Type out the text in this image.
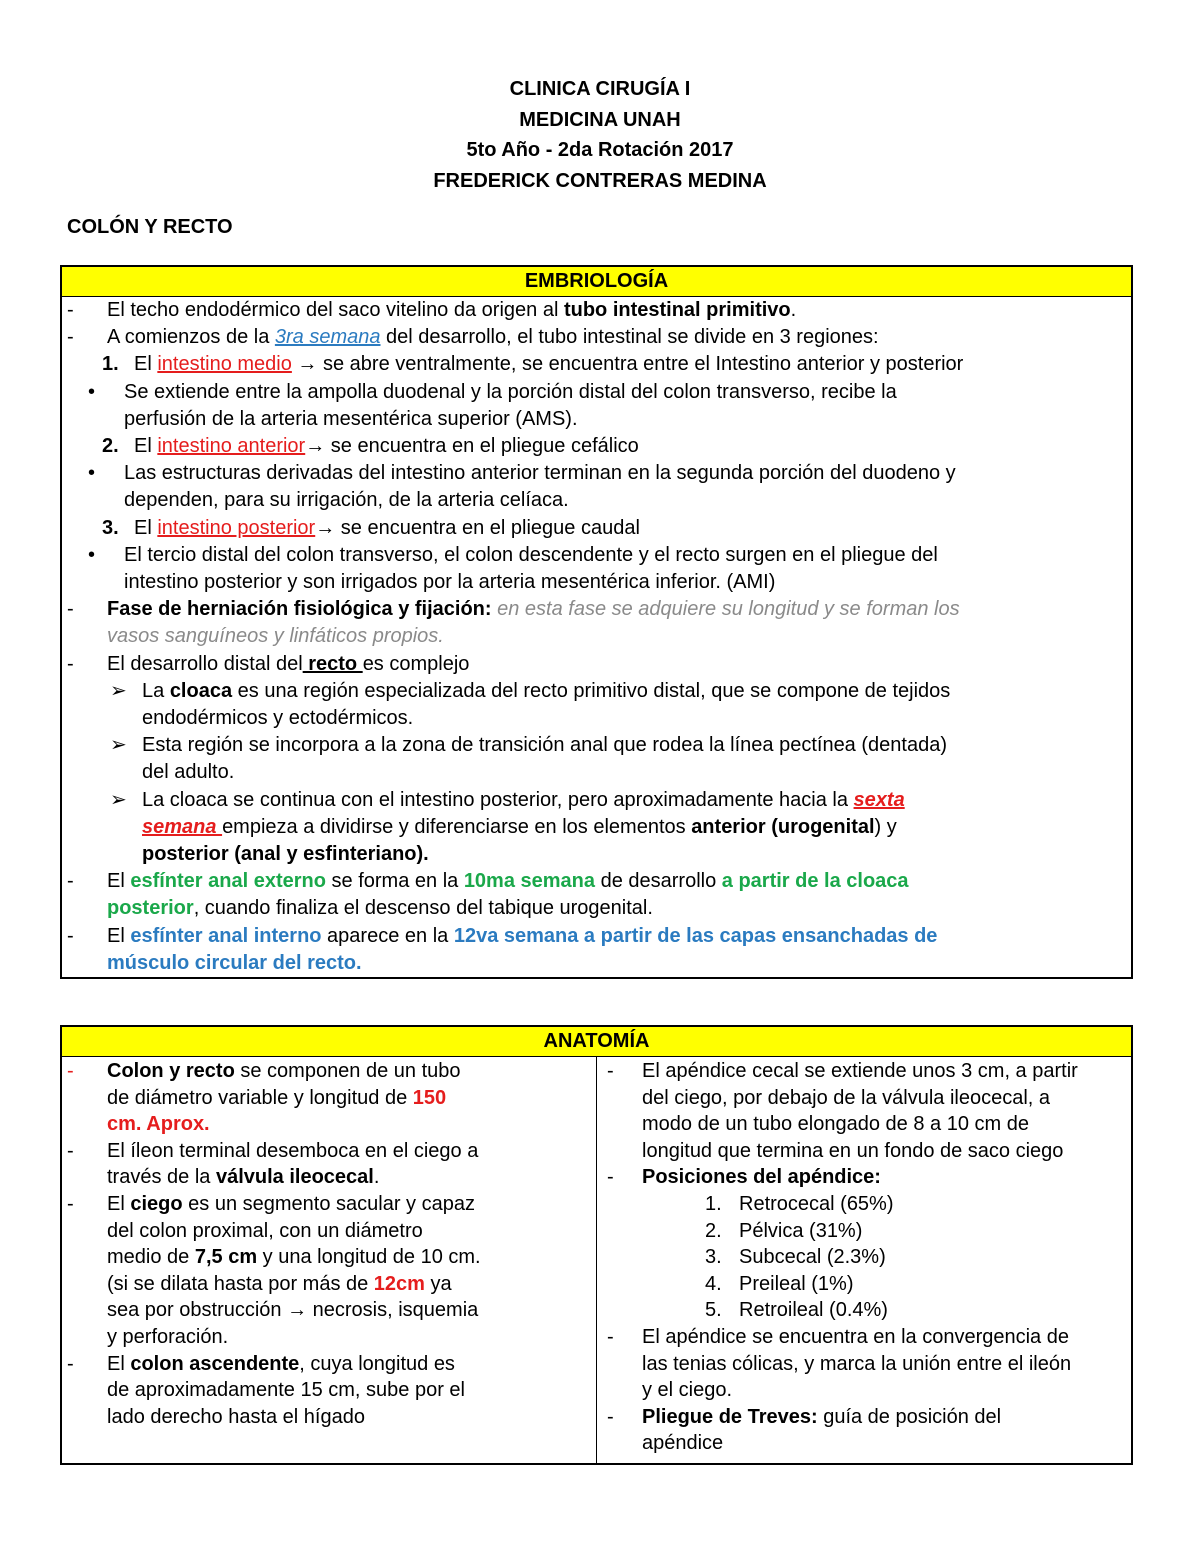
CLINICA CIRUGÍA I
MEDICINA UNAH
5to Año - 2da Rotación 2017
FREDERICK CONTRERAS MEDINA
COLÓN Y RECTO
EMBRIOLOGÍA

- El techo endodérmico del saco vitelino da origen al tubo intestinal primitivo.
- A comienzos de la 3ra semana del desarrollo, el tubo intestinal se divide en 3 regiones:
1. El intestino medio → se abre ventralmente, se encuentra entre el Intestino anterior y posterior
• Se extiende entre la ampolla duodenal y la porción distal del colon transverso, recibe la
perfusión de la arteria mesentérica superior (AMS).
2. El intestino anterior→ se encuentra en el pliegue cefálico
• Las estructuras derivadas del intestino anterior terminan en la segunda porción del duodeno y
dependen, para su irrigación, de la arteria celíaca.
3. El intestino posterior→ se encuentra en el pliegue caudal
• El tercio distal del colon transverso, el colon descendente y el recto surgen en el pliegue del
intestino posterior y son irrigados por la arteria mesentérica inferior. (AMI)
- Fase de herniación fisiológica y fijación: en esta fase se adquiere su longitud y se forman los
vasos sanguíneos y linfáticos propios.
- El desarrollo distal del recto es complejo
➢ La cloaca es una región especializada del recto primitivo distal, que se compone de tejidos
endodérmicos y ectodérmicos.
➢ Esta región se incorpora a la zona de transición anal que rodea la línea pectínea (dentada)
del adulto.
➢ La cloaca se continua con el intestino posterior, pero aproximadamente hacia la sexta
semana empieza a dividirse y diferenciarse en los elementos anterior (urogenital) y
posterior (anal y esfinteriano).
- El esfínter anal externo se forma en la 10ma semana de desarrollo a partir de la cloaca
posterior, cuando finaliza el descenso del tabique urogenital.
- El esfínter anal interno aparece en la 12va semana a partir de las capas ensanchadas de
músculo circular del recto.
ANATOMÍA

- Colon y recto se componen de un tubo
de diámetro variable y longitud de 150
cm. Aprox.
- El íleon terminal desemboca en el ciego a
través de la válvula ileocecal.
- El ciego es un segmento sacular y capaz
del colon proximal, con un diámetro
medio de 7,5 cm y una longitud de 10 cm.
(si se dilata hasta por más de 12cm ya
sea por obstrucción → necrosis, isquemia
y perforación.
- El colon ascendente, cuya longitud es
de aproximadamente 15 cm, sube por el
lado derecho hasta el hígado

- El apéndice cecal se extiende unos 3 cm, a partir
del ciego, por debajo de la válvula ileocecal, a
modo de un tubo elongado de 8 a 10 cm de
longitud que termina en un fondo de saco ciego
- Posiciones del apéndice:
1. Retrocecal (65%)
2. Pélvica (31%)
3. Subcecal (2.3%)
4. Preileal (1%)
5. Retroileal (0.4%)
- El apéndice se encuentra en la convergencia de
las tenias cólicas, y marca la unión entre el ileón
y el ciego.
- Pliegue de Treves: guía de posición del
apéndice
